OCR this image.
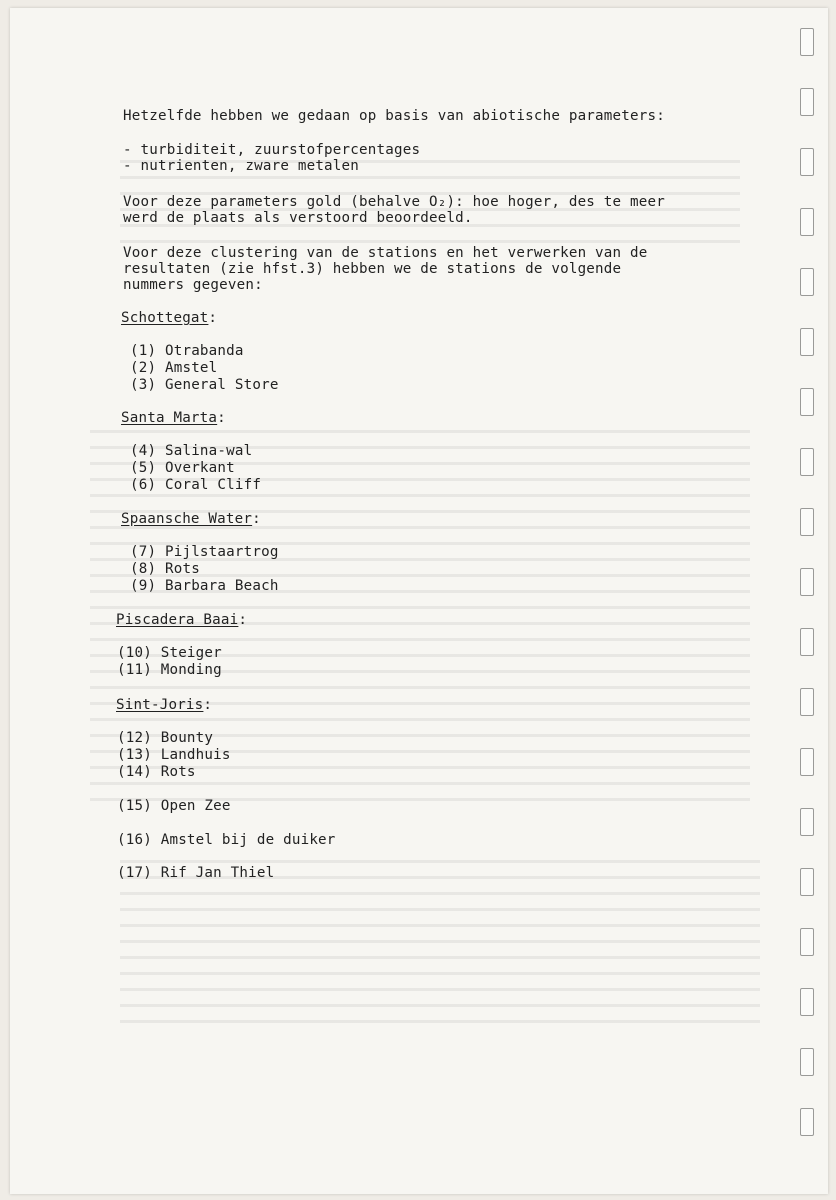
Hetzelfde hebben we gedaan op basis van abiotische parameters:
- turbiditeit, zuurstofpercentages
- nutrienten, zware metalen
Voor deze parameters gold (behalve O₂): hoe hoger, des te meer
werd de plaats als verstoord beoordeeld.
Voor deze clustering van de stations en het verwerken van de
resultaten (zie hfst.3) hebben we de stations de volgende
nummers gegeven:
Schottegat:
(1) Otrabanda
(2) Amstel
(3) General Store
Santa Marta:
(4) Salina-wal
(5) Overkant
(6) Coral Cliff
Spaansche Water:
(7) Pijlstaartrog
(8) Rots
(9) Barbara Beach
Piscadera Baai:
(10) Steiger
(11) Monding
Sint-Joris:
(12) Bounty
(13) Landhuis
(14) Rots
(15) Open Zee
(16) Amstel bij de duiker
(17) Rif Jan Thiel
